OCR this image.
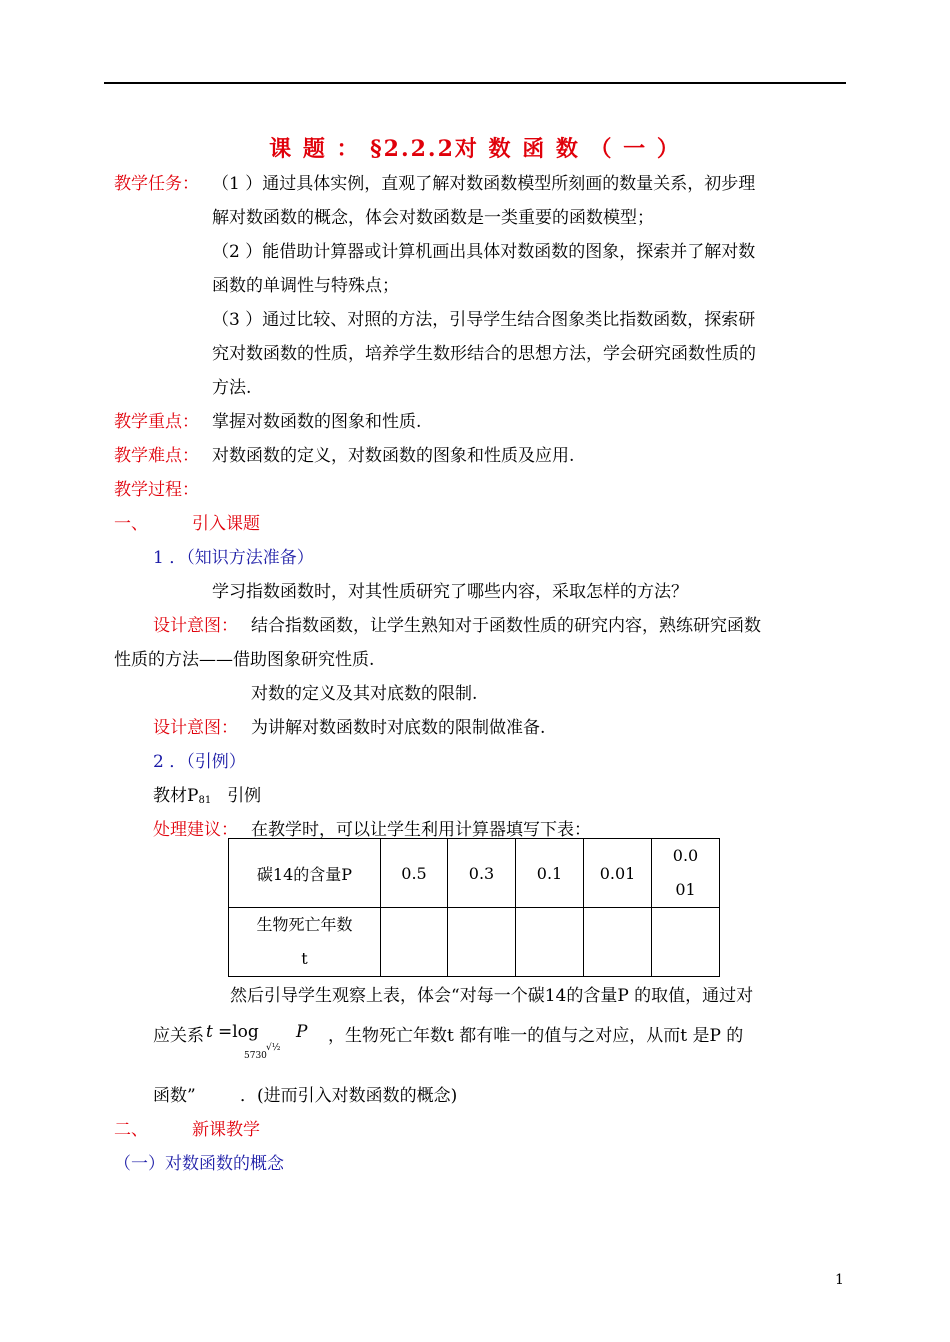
课 题 ： §2.2.2对 数 函 数 （ 一 ）
教学任务： （1 ）通过具体实例，直观了解对数函数模型所刻画的数量关系，初步理
解对数函数的概念，体会对数函数是一类重要的函数模型；
（2 ）能借助计算器或计算机画出具体对数函数的图象，探索并了解对数
函数的单调性与特殊点；
（3 ）通过比较、对照的方法，引导学生结合图象类比指数函数，探索研
究对数函数的性质，培养学生数形结合的思想方法，学会研究函数性质的
方法.
教学重点： 掌握对数函数的图象和性质.
教学难点： 对数函数的定义，对数函数的图象和性质及应用.
教学过程：
一、	引入课题
1 ．（知识方法准备）
学习指数函数时，对其性质研究了哪些内容，采取怎样的方法？
设计意图： 结合指数函数，让学生熟知对于函数性质的研究内容，熟练研究函数
性质的方法——借助图象研究性质.
对数的定义及其对底数的限制.
设计意图： 为讲解对数函数时对底数的限制做准备.
2 ．（引例）
教材$P_{81}$ 引例
处理建议： 在教学时，可以让学生利用计算器填写下表：
碳14的含量P	0.5	0.3	0.1	0.01	0.0
01

生物死亡年数
t					

然后引导学生观察上表，体会“对每一个碳14的含量P 的取值，通过对
应关系 t =log
5730
√½
P ，生物死亡年数t 都有唯一的值与之对应，从而t 是P 的
函数”	．(进而引入对数函数的概念)
二、	新课教学
（一）对数函数的概念
1
